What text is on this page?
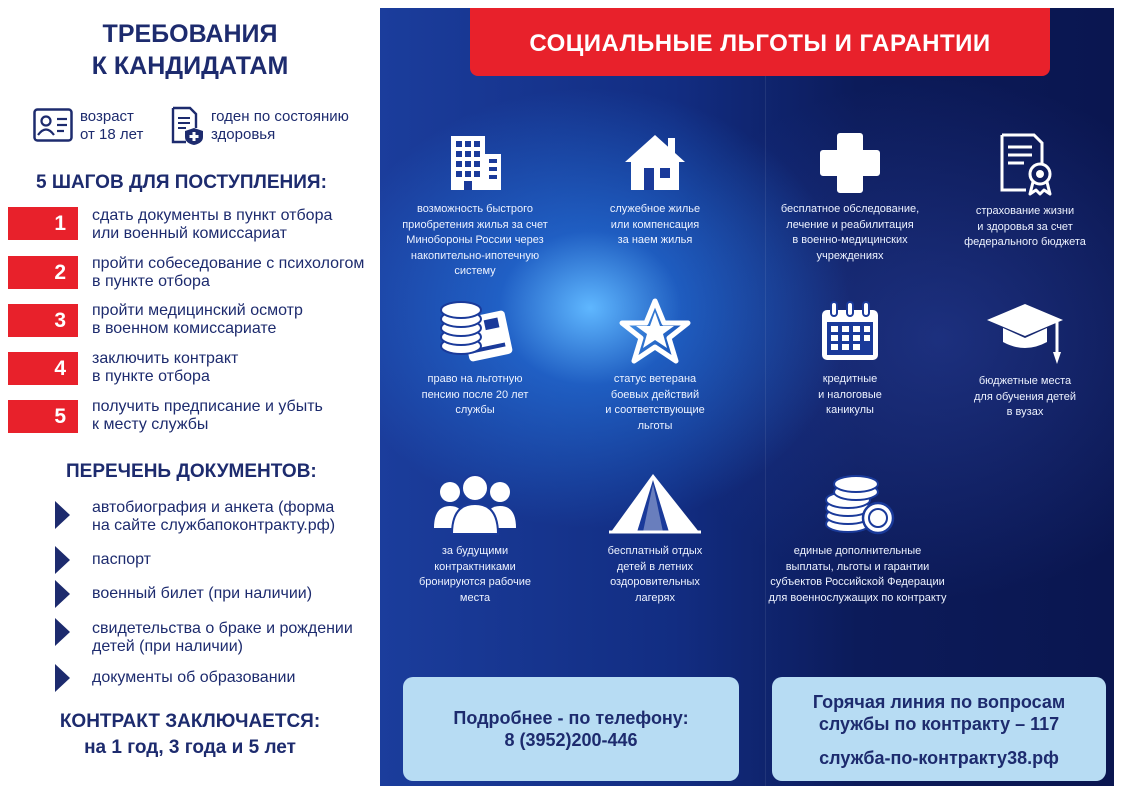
ТРЕБОВАНИЯ
К КАНДИДАТАМ
возраст
от 18 лет
годен по состоянию
здоровья
5 ШАГОВ ДЛЯ ПОСТУПЛЕНИЯ:
1	сдать документы в пункт отбора
или военный комиссариат
2	пройти собеседование с психологом
в пункте отбора
3	пройти медицинский осмотр
в военном комиссариате
4	заключить контракт
в пункте отбора
5	получить предписание и убыть
к месту службы
ПЕРЕЧЕНЬ ДОКУМЕНТОВ:
автобиография и анкета (форма
на сайте службапоконтракту.рф)
паспорт
военный билет (при наличии)
свидетельства о браке и рождении
детей (при наличии)
документы об образовании
КОНТРАКТ ЗАКЛЮЧАЕТСЯ:
на 1 год, 3 года и 5 лет
СОЦИАЛЬНЫЕ ЛЬГОТЫ И ГАРАНТИИ
возможность быстрого
приобретения жилья за счет
Минобороны России через
накопительно-ипотечную систему
служебное жилье
или компенсация
за наем жилья
бесплатное обследование,
лечение и реабилитация
в военно-медицинских
учреждениях
страхование жизни
и здоровья за счет
федерального бюджета
право на льготную
пенсию после 20 лет
службы
статус ветерана
боевых действий
и соответствующие
льготы
кредитные
и налоговые
каникулы
бюджетные места
для обучения детей
в вузах
за будущими
контрактниками
бронируются рабочие
места
бесплатный отдых
детей в летних
оздоровительных
лагерях
единые дополнительные
выплаты, льготы и гарантии
субъектов Российской Федерации
для военнослужащих по контракту
Подробнее - по телефону:
8 (3952)200-446
Горячая линия по вопросам
службы по контракту – 117
служба-по-контракту38.рф
